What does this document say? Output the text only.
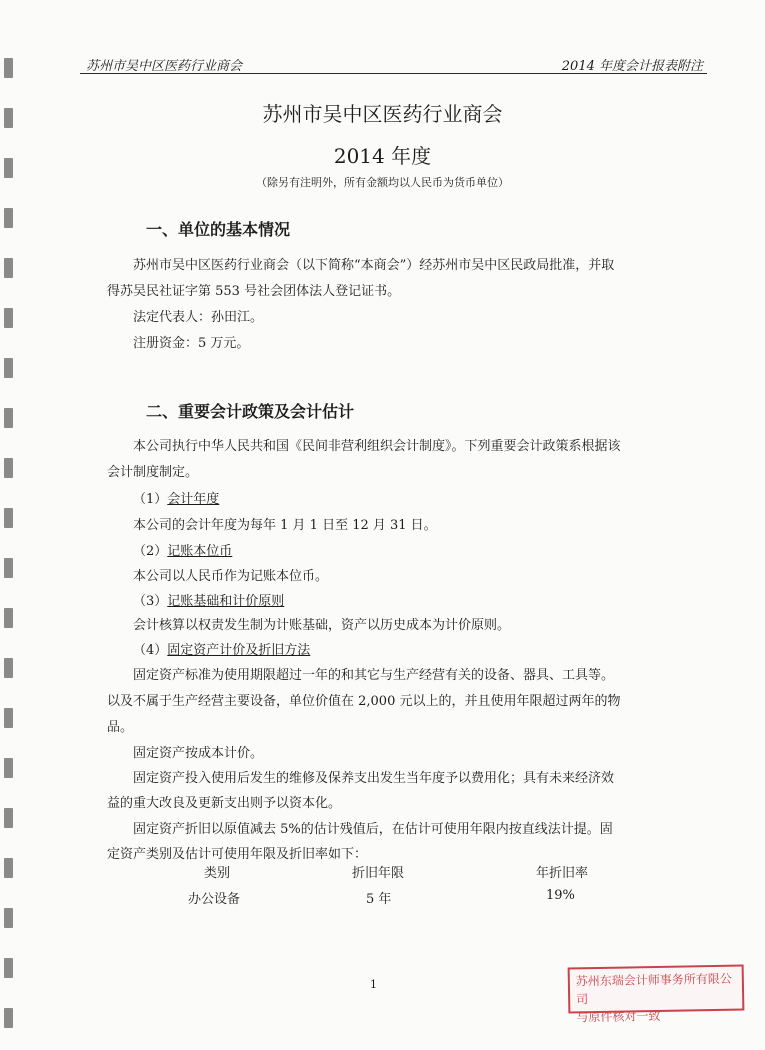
苏州市吴中区医药行业商会	2014 年度会计报表附注
苏州市吴中区医药行业商会
2014 年度
（除另有注明外，所有金额均以人民币为货币单位）
一、单位的基本情况
苏州市吴中区医药行业商会（以下简称“本商会”）经苏州市吴中区民政局批准，并取
得苏吴民社证字第 553 号社会团体法人登记证书。
法定代表人：孙田江。
注册资金：5 万元。
二、重要会计政策及会计估计
本公司执行中华人民共和国《民间非营利组织会计制度》。下列重要会计政策系根据该
会计制度制定。
（1）会计年度
本公司的会计年度为每年 1 月 1 日至 12 月 31 日。
（2）记账本位币
本公司以人民币作为记账本位币。
（3）记账基础和计价原则
会计核算以权责发生制为计账基础，资产以历史成本为计价原则。
（4）固定资产计价及折旧方法
固定资产标准为使用期限超过一年的和其它与生产经营有关的设备、器具、工具等。
以及不属于生产经营主要设备，单位价值在 2,000 元以上的，并且使用年限超过两年的物
品。
固定资产按成本计价。
固定资产投入使用后发生的维修及保养支出发生当年度予以费用化；具有未来经济效
益的重大改良及更新支出则予以资本化。
固定资产折旧以原值减去 5%的估计残值后，在估计可使用年限内按直线法计提。固
定资产类别及估计可使用年限及折旧率如下：
类别	折旧年限	年折旧率
办公设备	5 年	19%
1	苏州东瑞会计师事务所有限公司
与原件核对一致
